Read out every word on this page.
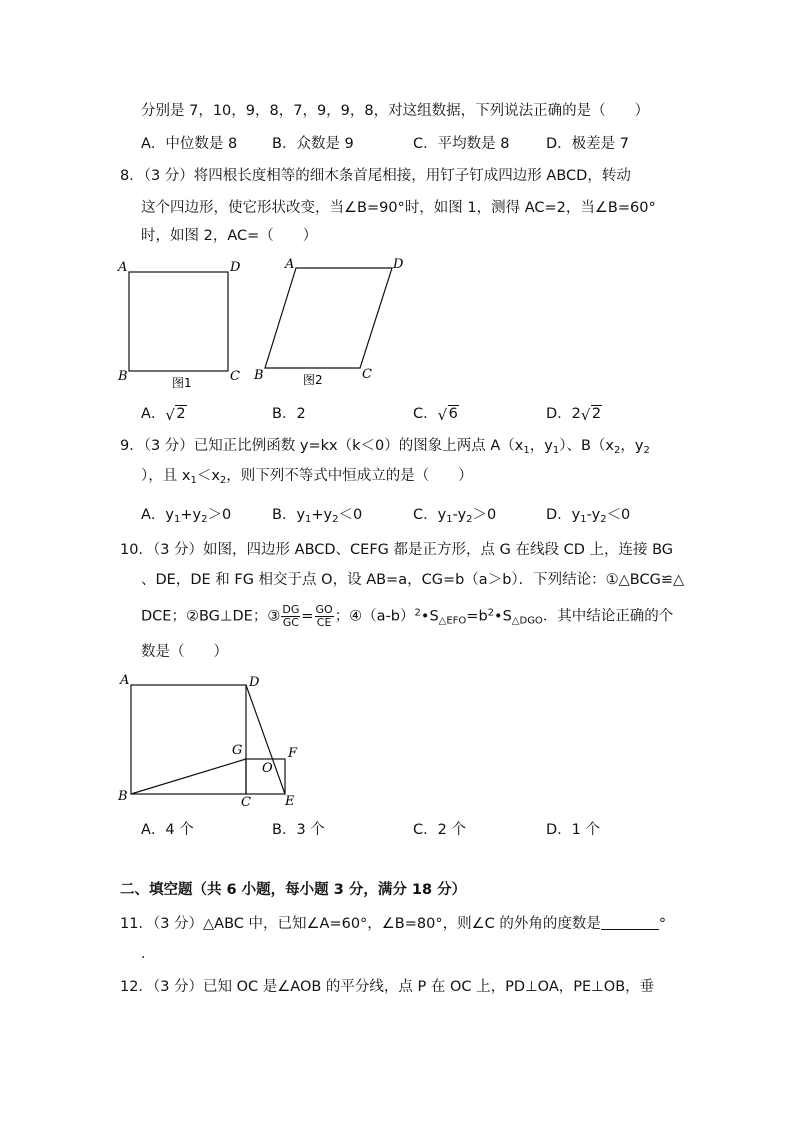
分别是 7，10，9，8，7，9，9，8，对这组数据，下列说法正确的是（　　）
A．中位数是 8 B．众数是 9	C．平均数是 8	D．极差是 7
8．（3 分）将四根长度相等的细木条首尾相接，用钉子钉成四边形 ABCD，转动
这个四边形，使它形状改变，当∠B=90°时，如图 1，测得 AC=2，当∠B=60°
时，如图 2，AC=（　　）
A	D
B	C
图1
A	D
B	C
图2
A． √ 2	B．2	C． √ 6	D．2 √ 2
9．（3 分）已知正比例函数 y=kx（k＜0）的图象上两点 $A(x_1$，$y_1$）、$B(x_2$，$y_2$
），且 $x_1<x_2$，则下列不等式中恒成立的是（　　）
A．$y_1+y_2>0$	B．$y_1+y_2<0$	C．$y_1-y_2>0$	D．$y_1-y_2<0$
10．（3 分）如图，四边形 ABCD、CEFG 都是正方形，点 G 在线段 CD 上，连接 BG
、DE，DE 和 FG 相交于点 O，设 AB=a，CG=b（a＞b）．下列结论：①△BCG≌△
DCE；②BG⊥DE；③ $\frac{DG}{GC} = \frac{GO}{CE}$ ；$④(a-b)^2•S_{\triangle EFO}=b^2•S_{\triangle DGO}$．其中结论正确的个
数是（　　）
A	D
G	F
O
B	C	E
A．4 个	B．3 个	C．2 个	D．1 个
二、填空题（共 6 小题，每小题 3 分，满分 18 分）
11．（3 分）△ABC 中，已知∠A=60°，∠B=80°，则∠C 的外角的度数是	°
．
12．（3 分）已知 OC 是∠AOB 的平分线，点 P 在 OC 上，PD⊥OA，PE⊥OB，垂
